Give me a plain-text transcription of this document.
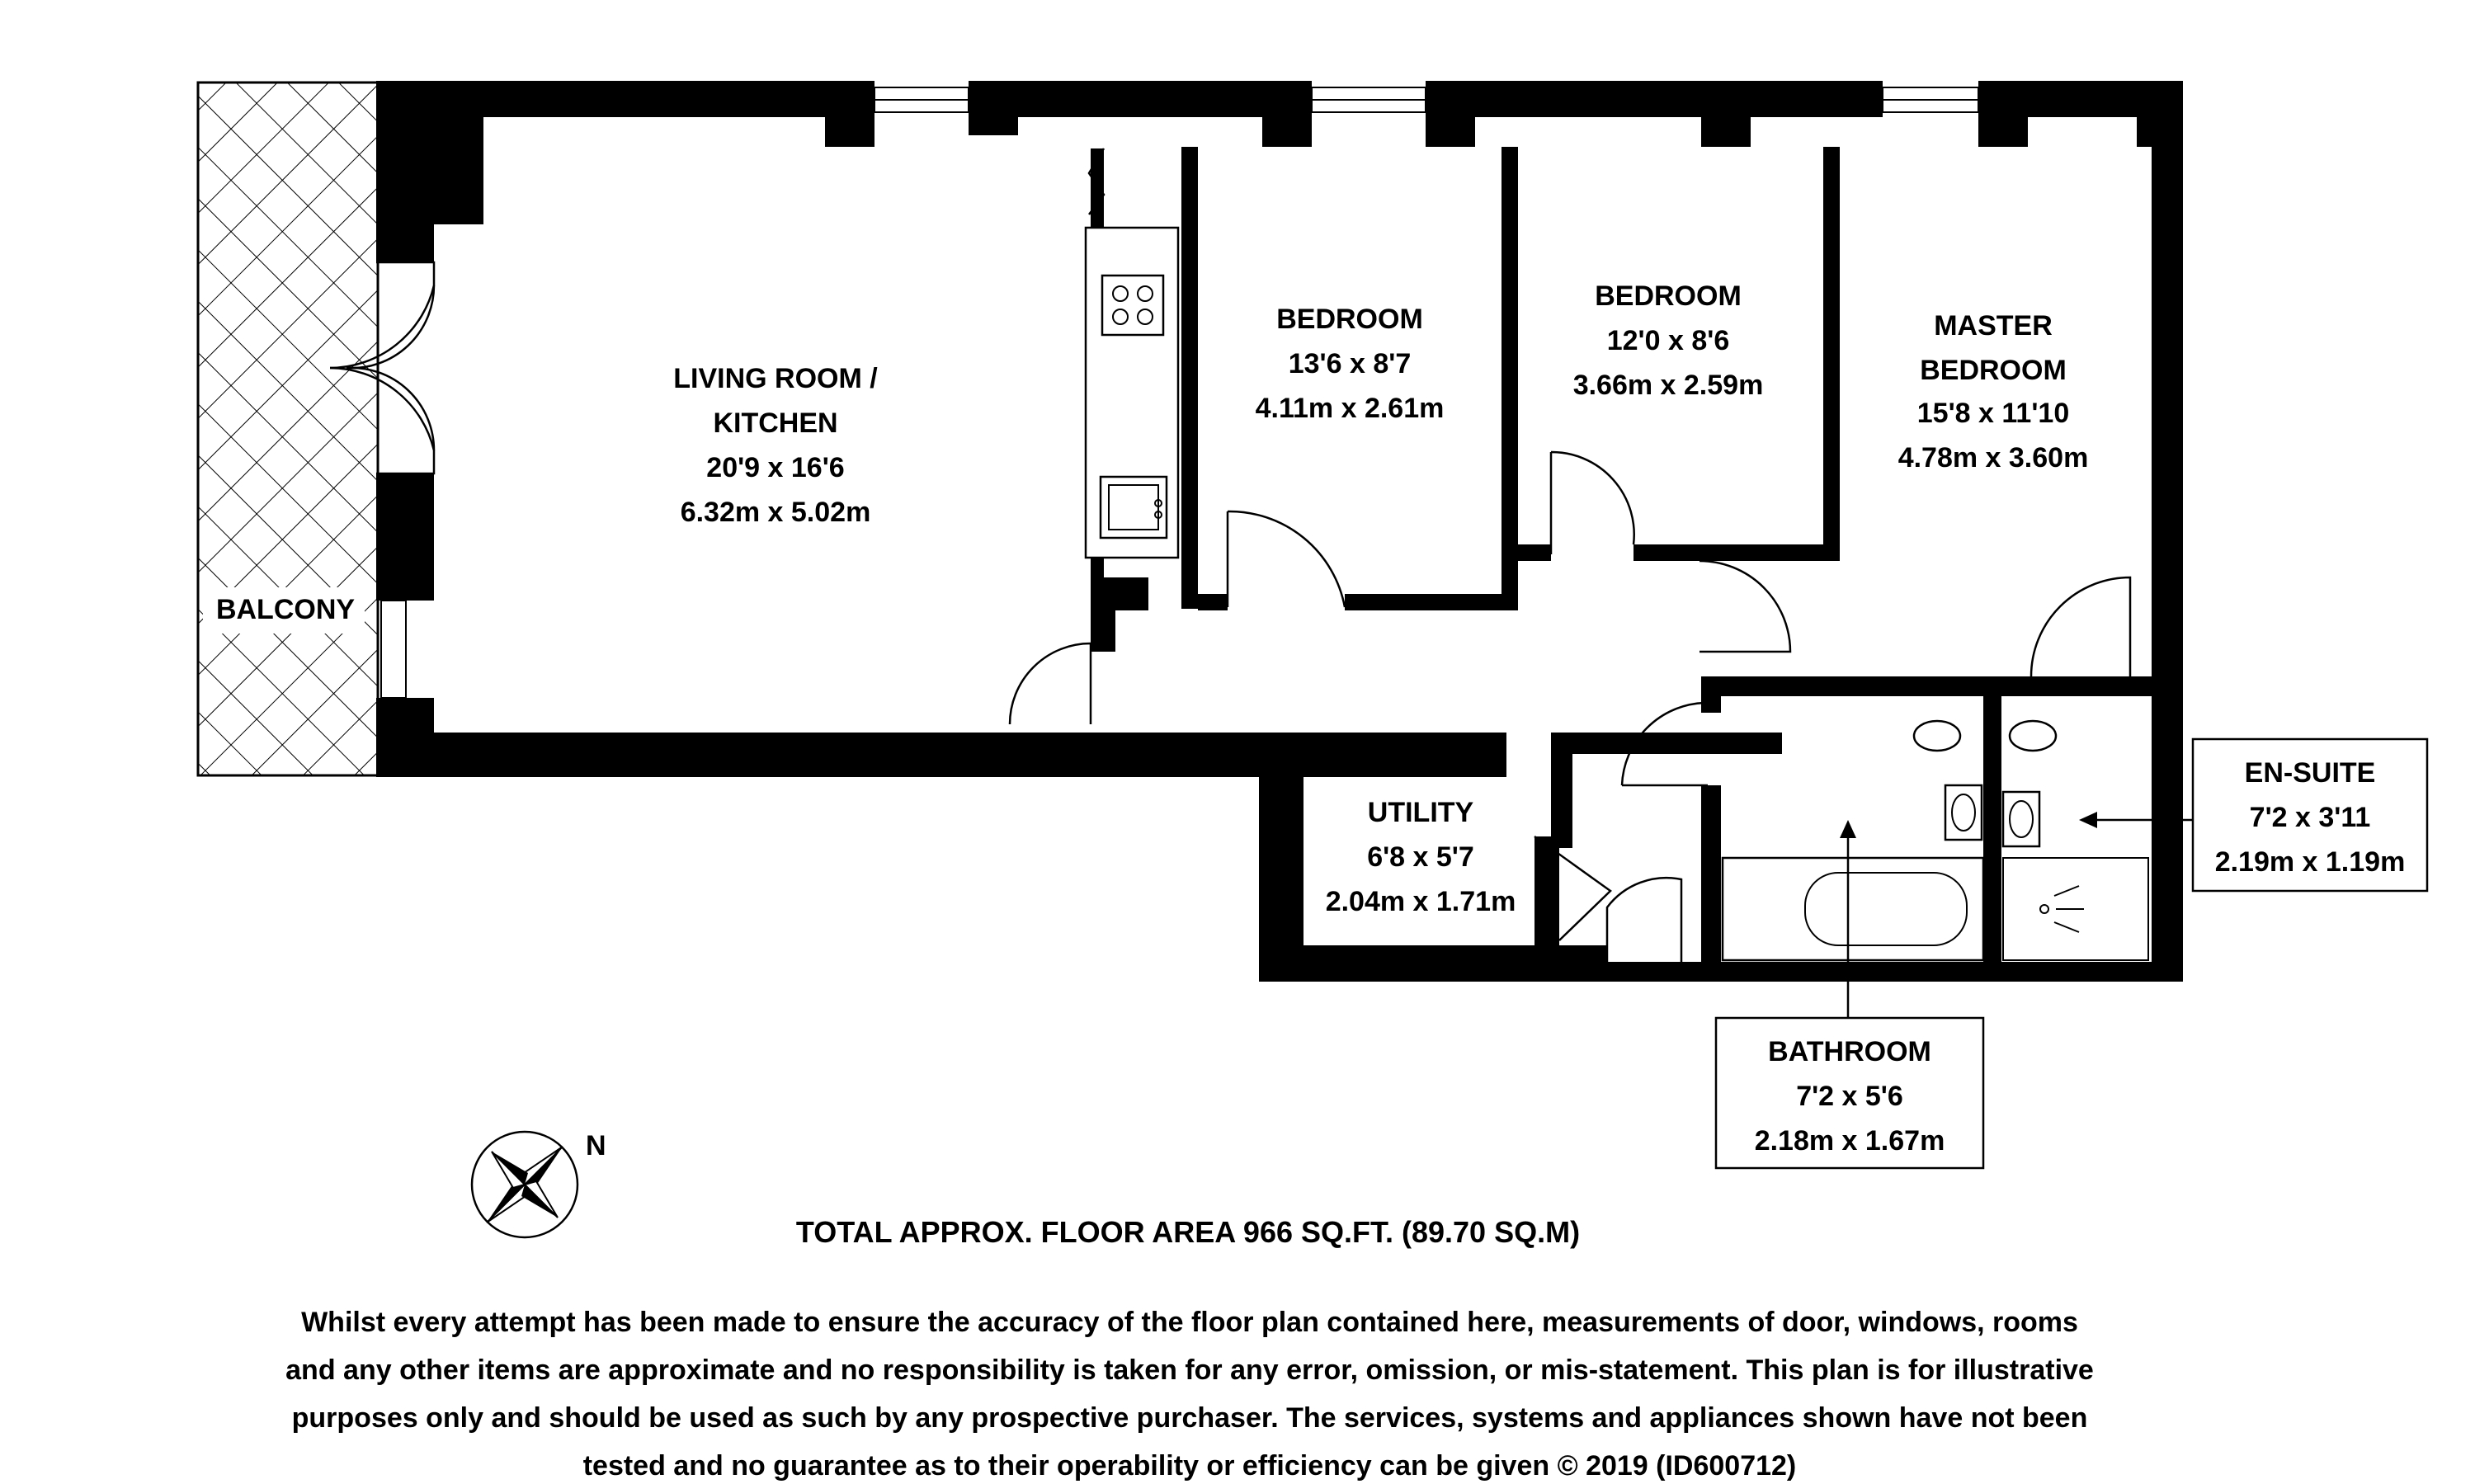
LIVING ROOM /
KITCHEN
20'9 x 16'6
6.32m x 5.02m
BEDROOM
13'6 x 8'7
4.11m x 2.61m
BEDROOM
12'0 x 8'6
3.66m x 2.59m
MASTER
BEDROOM
15'8 x 11'10
4.78m x 3.60m
UTILITY
6'8 x 5'7
2.04m x 1.71m
BALCONY
EN-SUITE
7'2 x 3'11
2.19m x 1.19m
BATHROOM
7'2 x 5'6
2.18m x 1.67m
N
TOTAL APPROX. FLOOR AREA 966 SQ.FT. (89.70 SQ.M)
Whilst every attempt has been made to ensure the accuracy of the floor plan contained here, measurements of door, windows, rooms
and any other items are approximate and no responsibility is taken for any error, omission, or mis-statement. This plan is for illustrative
purposes only and should be used as such by any prospective purchaser. The services, systems and appliances shown have not been
tested and no guarantee as to their operability or efficiency can be given © 2019 (ID600712)
